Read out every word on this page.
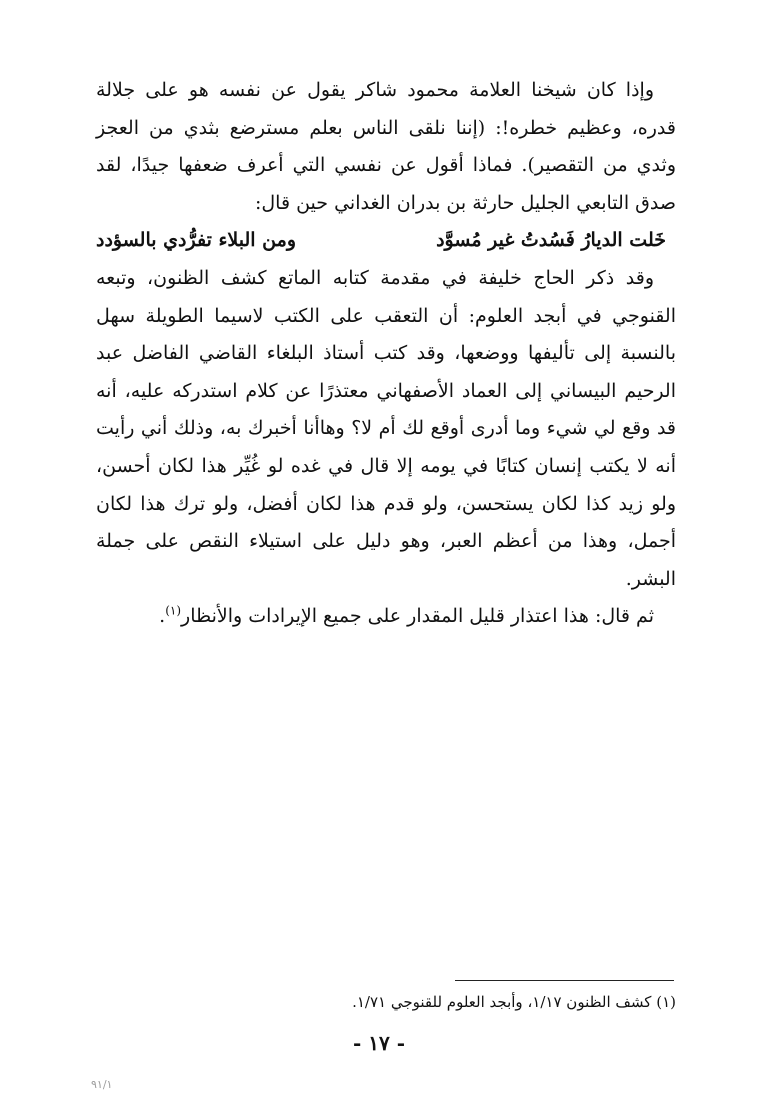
وإذا كان شيخنا العلامة محمود شاكر يقول عن نفسه هو على جلالة قدره، وعظيم خطره!: (إننا نلقى الناس بعلم مسترضع بثدي من العجز وثدي من التقصير). فماذا أقول عن نفسي التي أعرف ضعفها جيدًا، لقد صدق التابعي الجليل حارثة بن بدران الغداني حين قال:

خَلت الديارُ فَسُدتُ غير مُسوَّد
ومن البلاء تفرُّدي بالسؤدد

وقد ذكر الحاج خليفة في مقدمة كتابه الماتع كشف الظنون، وتبعه القنوجي في أبجد العلوم: أن التعقب على الكتب لاسيما الطويلة سهل بالنسبة إلى تأليفها ووضعها، وقد كتب أستاذ البلغاء القاضي الفاضل عبد الرحيم البيساني إلى العماد الأصفهاني معتذرًا عن كلام استدركه عليه، أنه قد وقع لي شيء وما أدرى أوقع لك أم لا؟ وهاأنا أخبرك به، وذلك أني رأيت أنه لا يكتب إنسان كتابًا في يومه إلا قال في غده لو غُيِّر هذا لكان أحسن، ولو زيد كذا لكان يستحسن، ولو قدم هذا لكان أفضل، ولو ترك هذا لكان أجمل، وهذا من أعظم العبر، وهو دليل على استيلاء النقص على جملة البشر.

ثم قال: هذا اعتذار قليل المقدار على جميع الإيرادات والأنظار$^{(١)}$.

(١) كشف الظنون ١/١٧، وأبجد العلوم للقنوجي ١/٧١.
- ١٧ -
٩١/١
